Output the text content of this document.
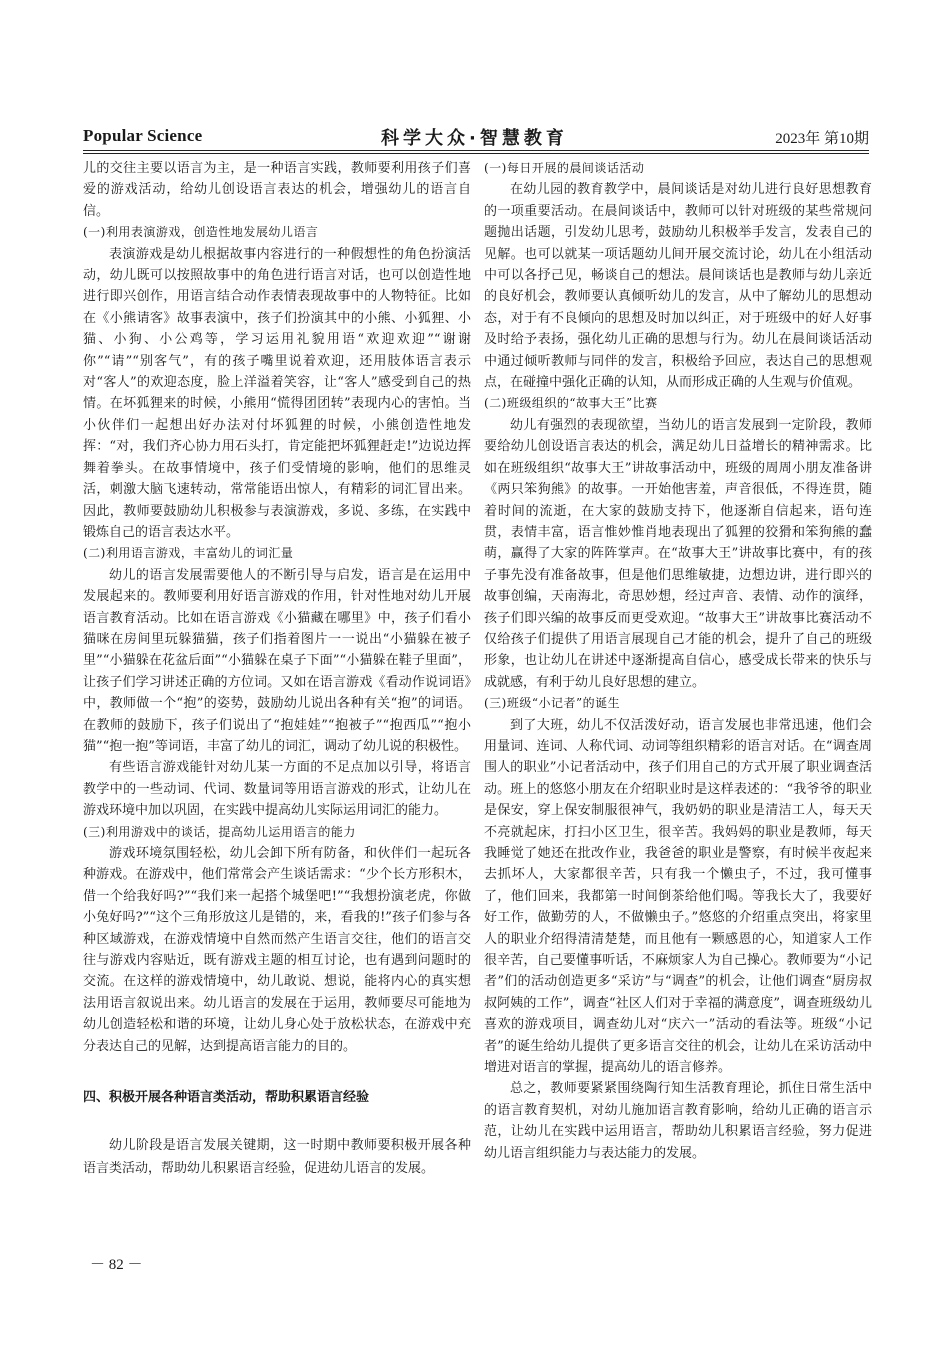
Popular Science	科学大众·智慧教育	2023年 第10期

儿的交往主要以语言为主，是一种语言实践，教师要利用孩子们喜爱的游戏活动，给幼儿创设语言表达的机会，增强幼儿的语言自信。

(一)利用表演游戏，创造性地发展幼儿语言

表演游戏是幼儿根据故事内容进行的一种假想性的角色扮演活动，幼儿既可以按照故事中的角色进行语言对话，也可以创造性地进行即兴创作，用语言结合动作表情表现故事中的人物特征。比如在《小熊请客》故事表演中，孩子们扮演其中的小熊、小狐狸、小猫、小狗、小公鸡等，学习运用礼貌用语“欢迎欢迎”“谢谢你”“请”“别客气”，有的孩子嘴里说着欢迎，还用肢体语言表示对“客人”的欢迎态度，脸上洋溢着笑容，让“客人”感受到自己的热情。在坏狐狸来的时候，小熊用“慌得团团转”表现内心的害怕。当小伙伴们一起想出好办法对付坏狐狸的时候，小熊创造性地发挥：“对，我们齐心协力用石头打，肯定能把坏狐狸赶走!”边说边挥舞着拳头。在故事情境中，孩子们受情境的影响，他们的思维灵活，刺激大脑飞速转动，常常能语出惊人，有精彩的词汇冒出来。因此，教师要鼓励幼儿积极参与表演游戏，多说、多练，在实践中锻炼自己的语言表达水平。

(二)利用语言游戏，丰富幼儿的词汇量

幼儿的语言发展需要他人的不断引导与启发，语言是在运用中发展起来的。教师要利用好语言游戏的作用，针对性地对幼儿开展语言教育活动。比如在语言游戏《小猫藏在哪里》中，孩子们看小猫咪在房间里玩躲猫猫，孩子们指着图片一一说出“小猫躲在被子里”“小猫躲在花盆后面”“小猫躲在桌子下面”“小猫躲在鞋子里面”，让孩子们学习讲述正确的方位词。又如在语言游戏《看动作说词语》中，教师做一个“抱”的姿势，鼓励幼儿说出各种有关“抱”的词语。在教师的鼓励下，孩子们说出了“抱娃娃”“抱被子”“抱西瓜”“抱小猫”“抱一抱”等词语，丰富了幼儿的词汇，调动了幼儿说的积极性。

有些语言游戏能针对幼儿某一方面的不足点加以引导，将语言教学中的一些动词、代词、数量词等用语言游戏的形式，让幼儿在游戏环境中加以巩固，在实践中提高幼儿实际运用词汇的能力。

(三)利用游戏中的谈话，提高幼儿运用语言的能力

游戏环境氛围轻松，幼儿会卸下所有防备，和伙伴们一起玩各种游戏。在游戏中，他们常常会产生谈话需求：“少个长方形积木，借一个给我好吗?”“我们来一起搭个城堡吧!”“我想扮演老虎，你做小兔好吗?”“这个三角形放这儿是错的，来，看我的!”孩子们参与各种区域游戏，在游戏情境中自然而然产生语言交往，他们的语言交往与游戏内容贴近，既有游戏主题的相互讨论，也有遇到问题时的交流。在这样的游戏情境中，幼儿敢说、想说，能将内心的真实想法用语言叙说出来。幼儿语言的发展在于运用，教师要尽可能地为幼儿创造轻松和谐的环境，让幼儿身心处于放松状态，在游戏中充分表达自己的见解，达到提高语言能力的目的。

四、积极开展各种语言类活动，帮助积累语言经验

幼儿阶段是语言发展关键期，这一时期中教师要积极开展各种语言类活动，帮助幼儿积累语言经验，促进幼儿语言的发展。

(一)每日开展的晨间谈话活动

在幼儿园的教育教学中，晨间谈话是对幼儿进行良好思想教育的一项重要活动。在晨间谈话中，教师可以针对班级的某些常规问题抛出话题，引发幼儿思考，鼓励幼儿积极举手发言，发表自己的见解。也可以就某一项话题幼儿间开展交流讨论，幼儿在小组活动中可以各抒己见，畅谈自己的想法。晨间谈话也是教师与幼儿亲近的良好机会，教师要认真倾听幼儿的发言，从中了解幼儿的思想动态，对于有不良倾向的思想及时加以纠正，对于班级中的好人好事及时给予表扬，强化幼儿正确的思想与行为。幼儿在晨间谈话活动中通过倾听教师与同伴的发言，积极给予回应，表达自己的思想观点，在碰撞中强化正确的认知，从而形成正确的人生观与价值观。

(二)班级组织的“故事大王”比赛

幼儿有强烈的表现欲望，当幼儿的语言发展到一定阶段，教师要给幼儿创设语言表达的机会，满足幼儿日益增长的精神需求。比如在班级组织“故事大王”讲故事活动中，班级的周周小朋友准备讲《两只笨狗熊》的故事。一开始他害羞，声音很低，不得连贯，随着时间的流逝，在大家的鼓励支持下，他逐渐自信起来，语句连贯，表情丰富，语言惟妙惟肖地表现出了狐狸的狡猾和笨狗熊的蠢萌，赢得了大家的阵阵掌声。在“故事大王”讲故事比赛中，有的孩子事先没有准备故事，但是他们思维敏捷，边想边讲，进行即兴的故事创编，天南海北，奇思妙想，经过声音、表情、动作的演绎，孩子们即兴编的故事反而更受欢迎。“故事大王”讲故事比赛活动不仅给孩子们提供了用语言展现自己才能的机会，提升了自己的班级形象，也让幼儿在讲述中逐渐提高自信心，感受成长带来的快乐与成就感，有利于幼儿良好思想的建立。

(三)班级“小记者”的诞生

到了大班，幼儿不仅活泼好动，语言发展也非常迅速，他们会用量词、连词、人称代词、动词等组织精彩的语言对话。在“调查周围人的职业”小记者活动中，孩子们用自己的方式开展了职业调查活动。班上的悠悠小朋友在介绍职业时是这样表述的：“我爷爷的职业是保安，穿上保安制服很神气，我奶奶的职业是清洁工人，每天天不亮就起床，打扫小区卫生，很辛苦。我妈妈的职业是教师，每天我睡觉了她还在批改作业，我爸爸的职业是警察，有时候半夜起来去抓坏人，大家都很辛苦，只有我一个懒虫子，不过，我可懂事了，他们回来，我都第一时间倒茶给他们喝。等我长大了，我要好好工作，做勤劳的人，不做懒虫子。”悠悠的介绍重点突出，将家里人的职业介绍得清清楚楚，而且他有一颗感恩的心，知道家人工作很辛苦，自己要懂事听话，不麻烦家人为自己操心。教师要为“小记者”们的活动创造更多“采访”与“调查”的机会，让他们调查“厨房叔叔阿姨的工作”，调查“社区人们对于幸福的满意度”，调查班级幼儿喜欢的游戏项目，调查幼儿对“庆六一”活动的看法等。班级“小记者”的诞生给幼儿提供了更多语言交往的机会，让幼儿在采访活动中增进对语言的掌握，提高幼儿的语言修养。

总之，教师要紧紧围绕陶行知生活教育理论，抓住日常生活中的语言教育契机，对幼儿施加语言教育影响，给幼儿正确的语言示范，让幼儿在实践中运用语言，帮助幼儿积累语言经验，努力促进幼儿语言组织能力与表达能力的发展。

－ 82 －
